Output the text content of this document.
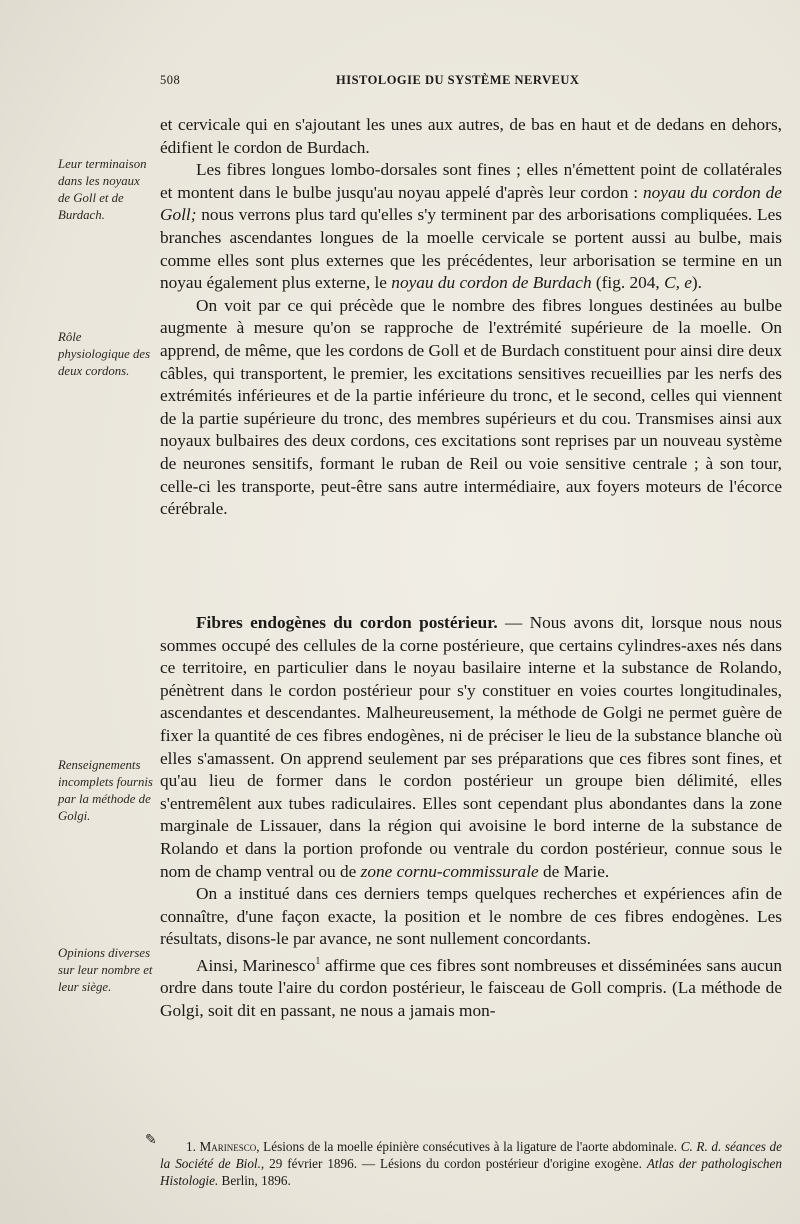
508	HISTOLOGIE DU SYSTÈME NERVEUX
Leur terminaison dans les noyaux de Goll et de Burdach.
Rôle physiologique des deux cordons.
Renseignements incomplets fournis par la méthode de Golgi.
Opinions diverses sur leur nombre et leur siège.

et cervicale qui en s'ajoutant les unes aux autres, de bas en haut et de dedans en dehors, édifient le cordon de Burdach.

Les fibres longues lombo-dorsales sont fines ; elles n'émettent point de collatérales et montent dans le bulbe jusqu'au noyau appelé d'après leur cordon : noyau du cordon de Goll; nous verrons plus tard qu'elles s'y terminent par des arborisations compliquées. Les branches ascendantes longues de la moelle cervicale se portent aussi au bulbe, mais comme elles sont plus externes que les précédentes, leur arborisation se termine en un noyau également plus externe, le noyau du cordon de Burdach (fig. 204, C, e).

On voit par ce qui précède que le nombre des fibres longues destinées au bulbe augmente à mesure qu'on se rapproche de l'extrémité supérieure de la moelle. On apprend, de même, que les cordons de Goll et de Burdach constituent pour ainsi dire deux câbles, qui transportent, le premier, les excitations sensitives recueillies par les nerfs des extrémités inférieures et de la partie inférieure du tronc, et le second, celles qui viennent de la partie supérieure du tronc, des membres supérieurs et du cou. Transmises ainsi aux noyaux bulbaires des deux cordons, ces excitations sont reprises par un nouveau système de neurones sensitifs, formant le ruban de Reil ou voie sensitive centrale ; à son tour, celle-ci les transporte, peut-être sans autre intermédiaire, aux foyers moteurs de l'écorce cérébrale.

Fibres endogènes du cordon postérieur. — Nous avons dit, lorsque nous nous sommes occupé des cellules de la corne postérieure, que certains cylindres-axes nés dans ce territoire, en particulier dans le noyau basilaire interne et la substance de Rolando, pénètrent dans le cordon postérieur pour s'y constituer en voies courtes longitudinales, ascendantes et descendantes. Malheureusement, la méthode de Golgi ne permet guère de fixer la quantité de ces fibres endogènes, ni de préciser le lieu de la substance blanche où elles s'amassent. On apprend seulement par ses préparations que ces fibres sont fines, et qu'au lieu de former dans le cordon postérieur un groupe bien délimité, elles s'entremêlent aux tubes radiculaires. Elles sont cependant plus abondantes dans la zone marginale de Lissauer, dans la région qui avoisine le bord interne de la substance de Rolando et dans la portion profonde ou ventrale du cordon postérieur, connue sous le nom de champ ventral ou de zone cornu-commissurale de Marie.

On a institué dans ces derniers temps quelques recherches et expériences afin de connaître, d'une façon exacte, la position et le nombre de ces fibres endogènes. Les résultats, disons-le par avance, ne sont nullement concordants.

Ainsi, Marinesco$^1$ affirme que ces fibres sont nombreuses et disséminées sans aucun ordre dans toute l'aire du cordon postérieur, le faisceau de Goll compris. (La méthode de Golgi, soit dit en passant, ne nous a jamais mon-

✎	1. Marinesco, Lésions de la moelle épinière consécutives à la ligature de l'aorte abdominale. C. R. d. séances de la Société de Biol., 29 février 1896. — Lésions du cordon postérieur d'origine exogène. Atlas der pathologischen Histologie. Berlin, 1896.
